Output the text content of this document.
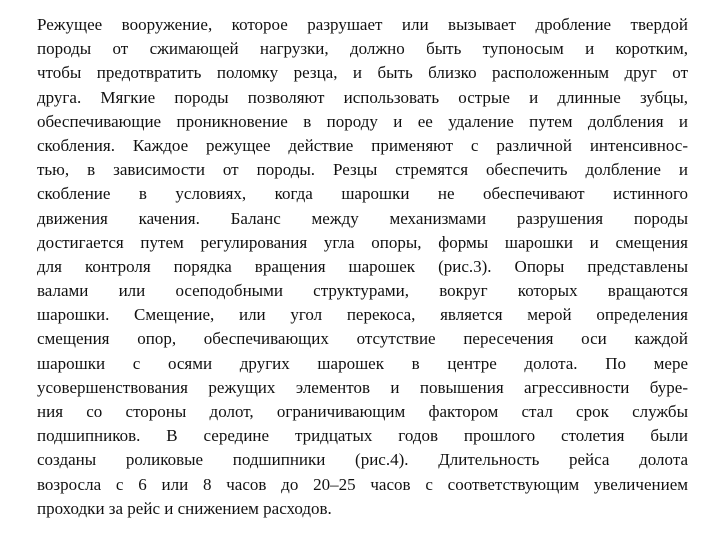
Режущее вооружение, которое разрушает или вызывает дробление твердой
породы от сжимающей нагрузки, должно быть тупоносым и коротким,
чтобы предотвратить поломку резца, и быть близко расположенным друг от
друга. Мягкие породы позволяют использовать острые и длинные зубцы,
обеспечивающие проникновение в породу и ее удаление путем долбления и
скобления. Каждое режущее действие применяют с различной интенсивнос-
тью, в зависимости от породы. Резцы стремятся обеспечить долбление и
скобление в условиях, когда шарошки не обеспечивают истинного
движения качения. Баланс между механизмами разрушения породы
достигается путем регулирования угла опоры, формы шарошки и смещения
для контроля порядка вращения шарошек (рис.3). Опоры представлены
валами или осеподобными структурами, вокруг которых вращаются
шарошки. Смещение, или угол перекоса, является мерой определения
смещения опор, обеспечивающих отсутствие пересечения оси каждой
шарошки с осями других шарошек в центре долота. По мере
усовершенствования режущих элементов и повышения агрессивности буре-
ния со стороны долот, ограничивающим фактором стал срок службы
подшипников. В середине тридцатых годов прошлого столетия были
созданы роликовые подшипники (рис.4). Длительность рейса долота
возросла с 6 или 8 часов до 20–25 часов с соответствующим увеличением
проходки за рейс и снижением расходов.
